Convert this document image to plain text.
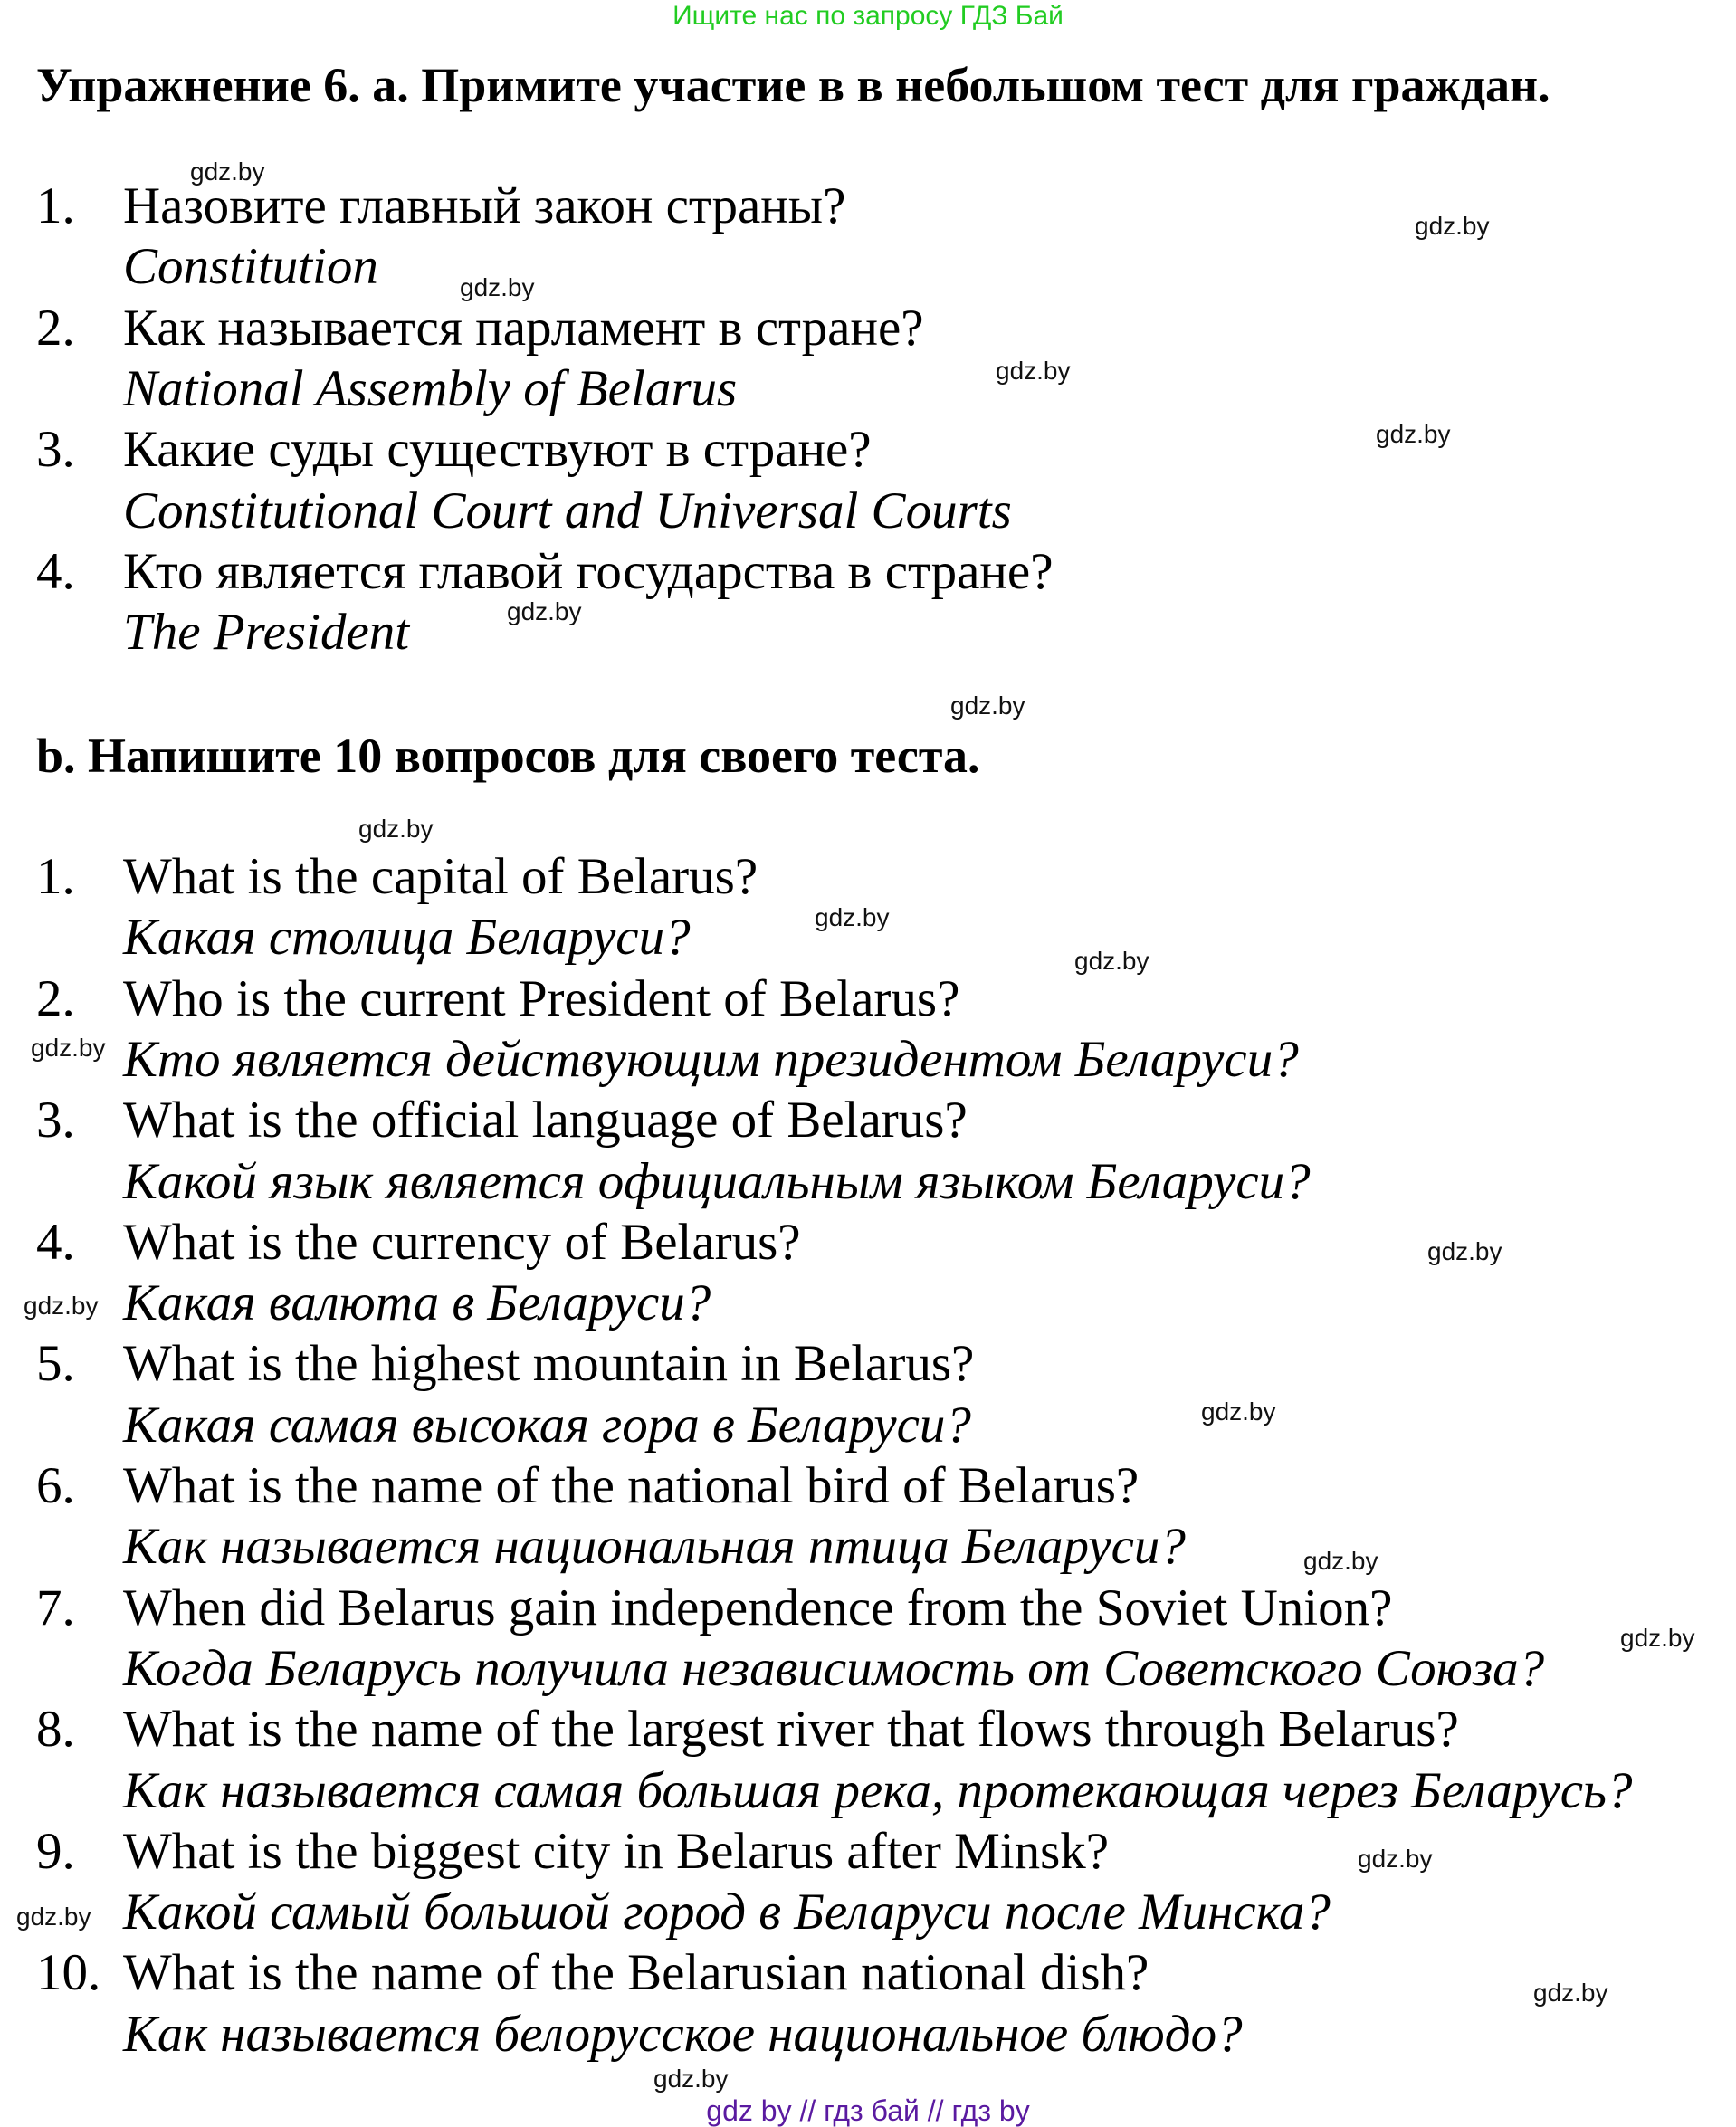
Ищите нас по запросу ГДЗ Бай
Упражнение 6. a. Примите участие в в небольшом тест для граждан.
1. Назовите главный закон страны?
Constitution
2. Как называется парламент в стране?
National Assembly of Belarus
3. Какие суды существуют в стране?
Constitutional Court and Universal Courts
4. Кто является главой государства в стране?
The President
b. Напишите 10 вопросов для своего теста.
1. What is the capital of Belarus?
Какая столица Беларуси?
2. Who is the current President of Belarus?
Кто является действующим президентом Беларуси?
3. What is the official language of Belarus?
Какой язык является официальным языком Беларуси?
4. What is the currency of Belarus?
Какая валюта в Беларуси?
5. What is the highest mountain in Belarus?
Какая самая высокая гора в Беларуси?
6. What is the name of the national bird of Belarus?
Как называется национальная птица Беларуси?
7. When did Belarus gain independence from the Soviet Union?
Когда Беларусь получила независимость от Советского Союза?
8. What is the name of the largest river that flows through Belarus?
Как называется самая большая река, протекающая через Беларусь?
9. What is the biggest city in Belarus after Minsk?
Какой самый большой город в Беларуси после Минска?
10. What is the name of the Belarusian national dish?
Как называется белорусское национальное блюдо?
gdz.by
gdz.by
gdz.by
gdz.by
gdz.by
gdz.by
gdz.by
gdz.by
gdz.by
gdz.by
gdz.by
gdz.by
gdz.by
gdz.by
gdz.by
gdz.by
gdz.by
gdz.by
gdz.by
gdz.by
gdz by // гдз бай // гдз by
